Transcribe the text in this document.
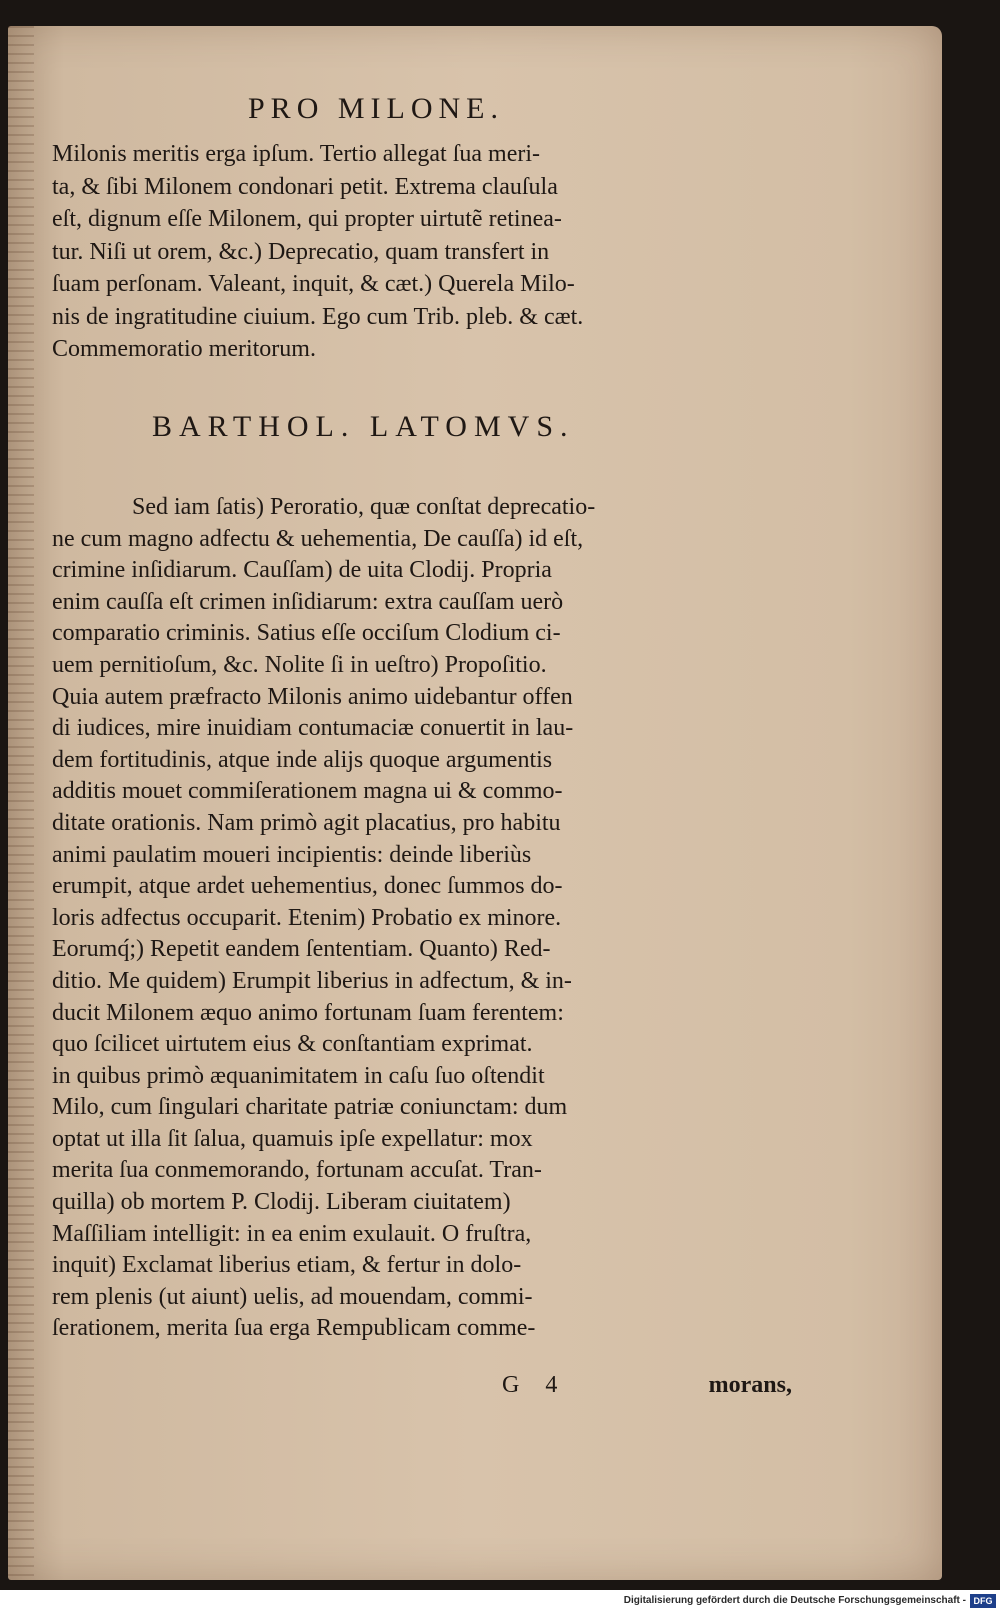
PRO MILONE.
Milonis meritis erga ipſum. Tertio allegat ſua meri-
ta, & ſibi Milonem condonari petit. Extrema clauſula
eſt, dignum eſſe Milonem, qui propter uirtutẽ retinea-
tur. Niſi ut orem, &c.) Deprecatio, quam transfert in
ſuam perſonam. Valeant, inquit, & cæt.) Querela Milo-
nis de ingratitudine ciuium. Ego cum Trib. pleb. & cæt.
Commemoratio meritorum.
BARTHOL. LATOMVS.
Sed iam ſatis) Peroratio, quæ conſtat deprecatio-
ne cum magno adfectu & uehementia, De cauſſa) id eſt,
crimine inſidiarum. Cauſſam) de uita Clodij. Propria
enim cauſſa eſt crimen inſidiarum: extra cauſſam uerò
comparatio criminis. Satius eſſe occiſum Clodium ci-
uem pernitioſum, &c. Nolite ſi in ueſtro) Propoſitio.
Quia autem præfracto Milonis animo uidebantur offen
di iudices, mire inuidiam contumaciæ conuertit in lau-
dem fortitudinis, atque inde alijs quoque argumentis
additis mouet commiſerationem magna ui & commo-
ditate orationis. Nam primò agit placatius, pro habitu
animi paulatim moueri incipientis: deinde liberiùs
erumpit, atque ardet uehementius, donec ſummos do-
loris adfectus occuparit. Etenim) Probatio ex minore.
Eorumq́;) Repetit eandem ſententiam. Quanto) Red-
ditio. Me quidem) Erumpit liberius in adfectum, & in-
ducit Milonem æquo animo fortunam ſuam ferentem:
quo ſcilicet uirtutem eius & conſtantiam exprimat.
in quibus primò æquanimitatem in caſu ſuo oſtendit
Milo, cum ſingulari charitate patriæ coniunctam: dum
optat ut illa ſit ſalua, quamuis ipſe expellatur: mox
merita ſua conmemorando, fortunam accuſat. Tran-
quilla) ob mortem P. Clodij. Liberam ciuitatem)
Maſſiliam intelligit: in ea enim exulauit. O fruſtra,
inquit) Exclamat liberius etiam, & fertur in dolo-
rem plenis (ut aiunt) uelis, ad mouendam, commi-
ſerationem, merita ſua erga Rempublicam comme-
G 4	morans,
Digitalisierung gefördert durch die Deutsche Forschungsgemeinschaft - DFG
